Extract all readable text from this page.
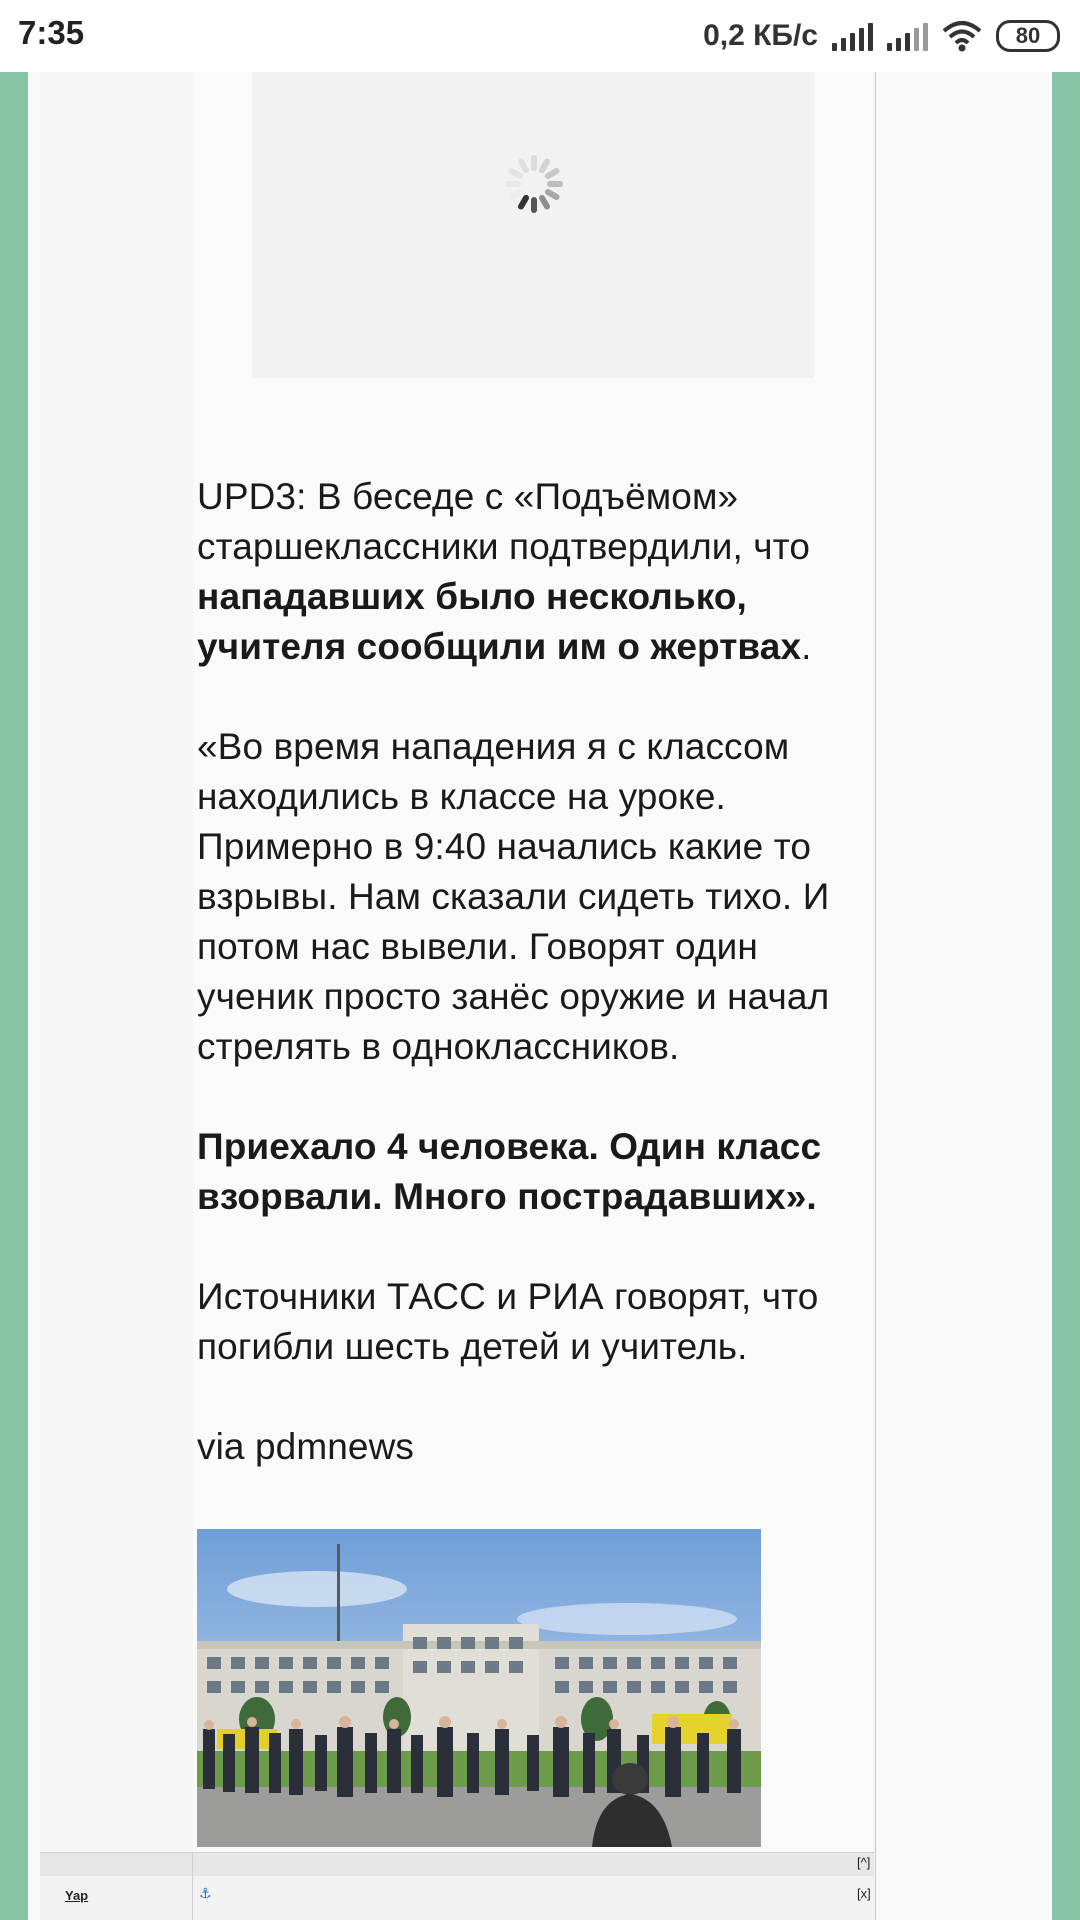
7:35	0,2 КБ/с	80

UPD3: В беседе с «Подъёмом» старшеклассники подтвердили, что нападавших было несколько, учителя сообщили им о жертвах.

«Во время нападения я с классом находились в классе на уроке. Примерно в 9:40 начались какие то взрывы. Нам сказали сидеть тихо. И потом нас вывели. Говорят один ученик просто занёс оружие и начал стрелять в одноклассников.

Приехало 4 человека. Один класс взорвали. Много пострадавших».

Источники ТАСС и РИА говорят, что погибли шесть детей и учитель.

via pdmnews

[^]
Yap	⚓	[x]
